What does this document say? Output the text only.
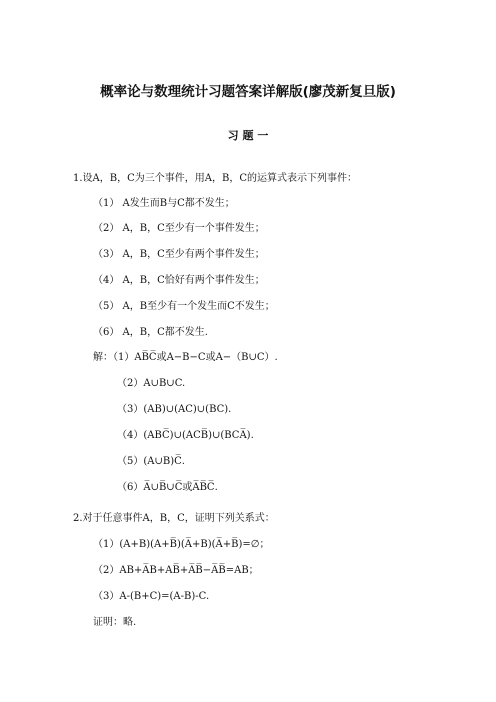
概率论与数理统计习题答案详解版(廖茂新复旦版)
习 题 一
1.设A，B，C为三个事件，用A，B，C的运算式表示下列事件：
（1） A发生而B与C都不发生；
（2） A，B，C至少有一个事件发生；
（3） A，B，C至少有两个事件发生；
（4） A，B，C恰好有两个事件发生；
（5） A，B至少有一个发生而C不发生；
（6） A，B，C都不发生.
解：（1）AB̅C̅或A−B−C或A−（B∪C）.
（2）A∪B∪C.
（3）(AB)∪(AC)∪(BC).
（4）(ABC̅)∪(ACB̅)∪(BCA̅).
（5）(A∪B)C̅.
（6）A̅∪B̅∪C̅或A̅B̅C̅.
2.对于任意事件A，B，C，证明下列关系式：
（1）(A+B)(A+B̅)(A̅+B)(A̅+B̅)=∅；
（2）AB+A̅B+AB̅+A̅B̅−A̅B̅=AB；
（3）A-(B+C)=(A-B)-C.
证明：略.
